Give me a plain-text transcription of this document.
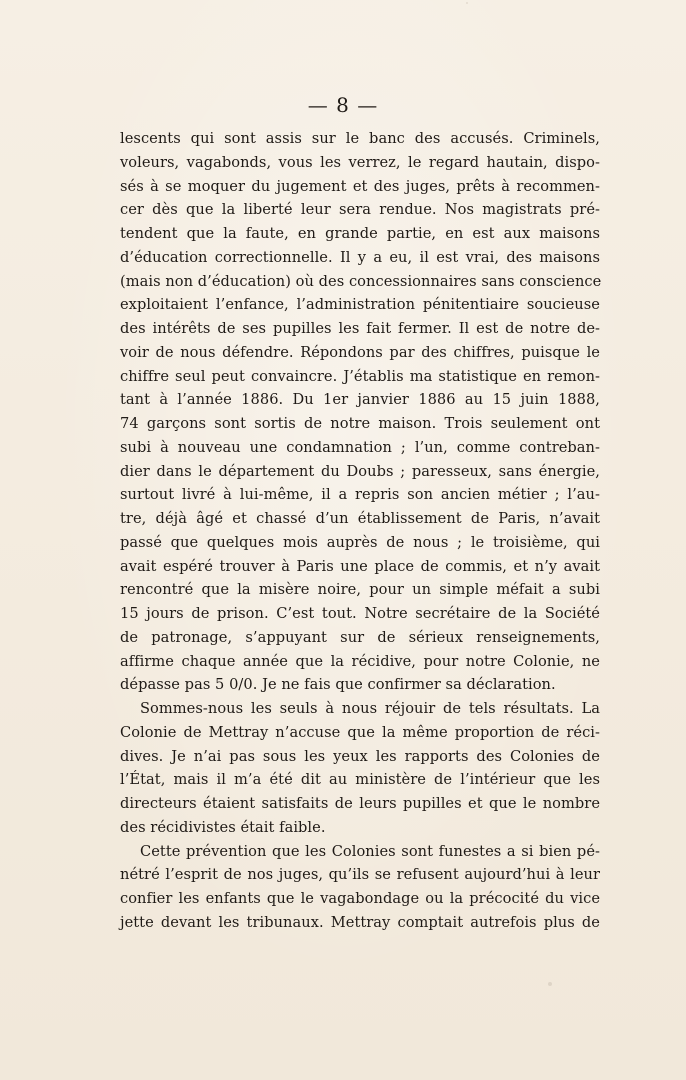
— 8 —
lescents qui sont assis sur le banc des accusés. Criminels,
voleurs, vagabonds, vous les verrez, le regard hautain, dispo-
sés à se moquer du jugement et des juges, prêts à recommen-
cer dès que la liberté leur sera rendue. Nos magistrats pré-
tendent que la faute, en grande partie, en est aux maisons
d’éducation correctionnelle. Il y a eu, il est vrai, des maisons
(mais non d’éducation) où des concessionnaires sans conscience
exploitaient l’enfance, l’administration pénitentiaire soucieuse
des intérêts de ses pupilles les fait fermer. Il est de notre de-
voir de nous défendre. Répondons par des chiffres, puisque le
chiffre seul peut convaincre. J’établis ma statistique en remon-
tant à l’année 1886. Du 1er janvier 1886 au 15 juin 1888,
74 garçons sont sortis de notre maison. Trois seulement ont
subi à nouveau une condamnation ; l’un, comme contreban-
dier dans le département du Doubs ; paresseux, sans énergie,
surtout livré à lui-même, il a repris son ancien métier ; l’au-
tre, déjà âgé et chassé d’un établissement de Paris, n’avait
passé que quelques mois auprès de nous ; le troisième, qui
avait espéré trouver à Paris une place de commis, et n’y avait
rencontré que la misère noire, pour un simple méfait a subi
15 jours de prison. C’est tout. Notre secrétaire de la Société
de patronage, s’appuyant sur de sérieux renseignements,
affirme chaque année que la récidive, pour notre Colonie, ne
dépasse pas 5 0/0. Je ne fais que confirmer sa déclaration.
Sommes-nous les seuls à nous réjouir de tels résultats. La
Colonie de Mettray n’accuse que la même proportion de réci-
dives. Je n’ai pas sous les yeux les rapports des Colonies de
l’État, mais il m’a été dit au ministère de l’intérieur que les
directeurs étaient satisfaits de leurs pupilles et que le nombre
des récidivistes était faible.
Cette prévention que les Colonies sont funestes a si bien pé-
nétré l’esprit de nos juges, qu’ils se refusent aujourd’hui à leur
confier les enfants que le vagabondage ou la précocité du vice
jette devant les tribunaux. Mettray comptait autrefois plus de
